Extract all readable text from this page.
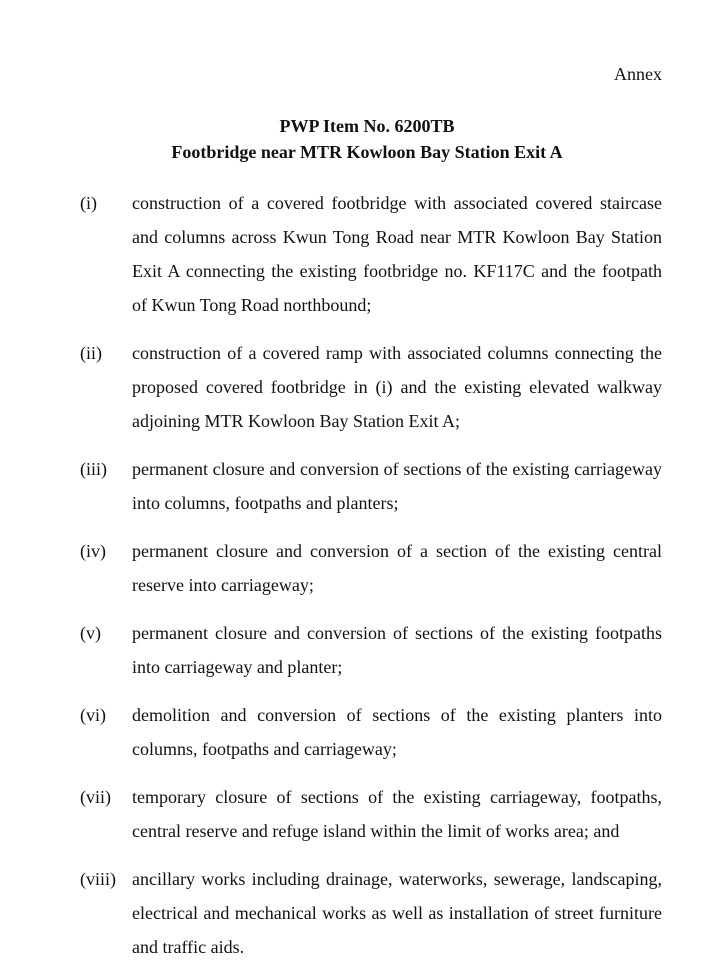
Annex
PWP Item No. 6200TB
Footbridge near MTR Kowloon Bay Station Exit A
(i)	construction of a covered footbridge with associated covered staircase and columns across Kwun Tong Road near MTR Kowloon Bay Station Exit A connecting the existing footbridge no. KF117C and the footpath of Kwun Tong Road northbound;
(ii)	construction of a covered ramp with associated columns connecting the proposed covered footbridge in (i) and the existing elevated walkway adjoining MTR Kowloon Bay Station Exit A;
(iii)	permanent closure and conversion of sections of the existing carriageway into columns, footpaths and planters;
(iv)	permanent closure and conversion of a section of the existing central reserve into carriageway;
(v)	permanent closure and conversion of sections of the existing footpaths into carriageway and planter;
(vi)	demolition and conversion of sections of the existing planters into columns, footpaths and carriageway;
(vii)	temporary closure of sections of the existing carriageway, footpaths, central reserve and refuge island within the limit of works area; and
(viii) ancillary works including drainage, waterworks, sewerage, landscaping, electrical and mechanical works as well as installation of street furniture and traffic aids.
